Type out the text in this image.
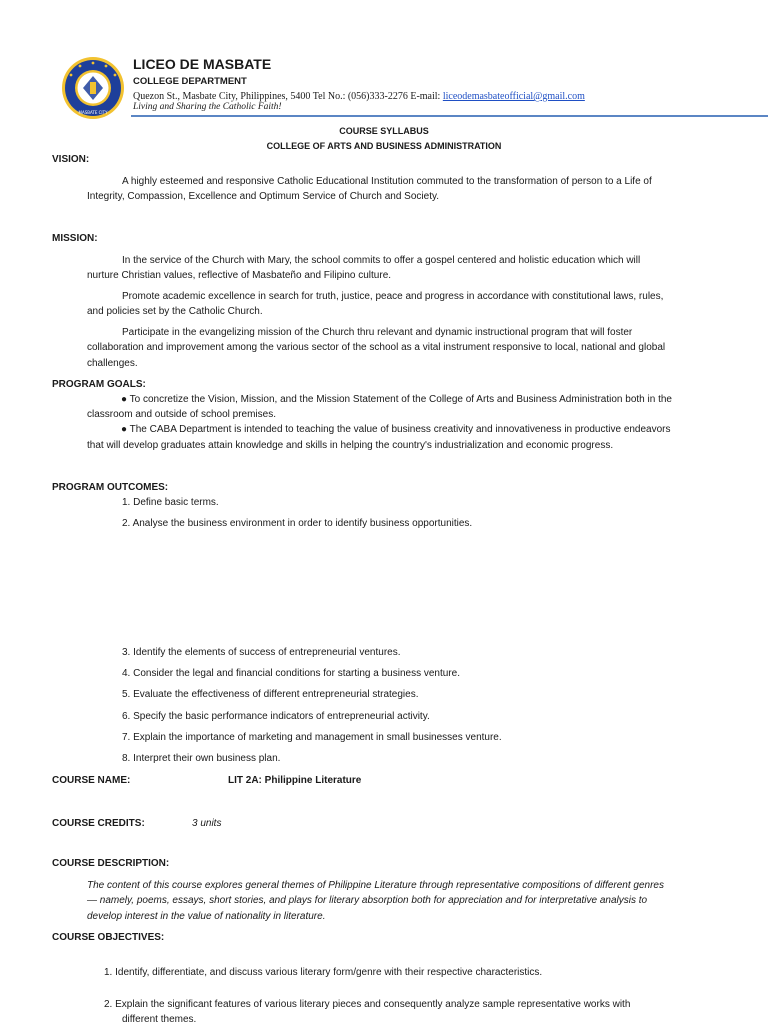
MASBATE CITY
LICEO DE MASBATE
COLLEGE DEPARTMENT
Quezon St., Masbate City, Philippines, 5400 Tel No.: (056)333-2276 E-mail: liceodemasbateofficial@gmail.com
Living and Sharing the Catholic Faith!
COURSE SYLLABUS
COLLEGE OF ARTS AND BUSINESS ADMINISTRATION
VISION:
A highly esteemed and responsive Catholic Educational Institution commuted to the transformation of person to a Life of
Integrity, Compassion, Excellence and Optimum Service of Church and Society.
MISSION:
In the service of the Church with Mary, the school commits to offer a gospel centered and holistic education which will
nurture Christian values, reflective of Masbateño and Filipino culture.
Promote academic excellence in search for truth, justice, peace and progress in accordance with constitutional laws, rules,
and policies set by the Catholic Church.
Participate in the evangelizing mission of the Church thru relevant and dynamic instructional program that will foster
collaboration and improvement among the various sector of the school as a vital instrument responsive to local, national and global
challenges.
PROGRAM GOALS:
● To concretize the Vision, Mission, and the Mission Statement of the College of Arts and Business Administration both in the
classroom and outside of school premises.
● The CABA Department is intended to teaching the value of business creativity and innovativeness in productive endeavors
that will develop graduates attain knowledge and skills in helping the country's industrialization and economic progress.
PROGRAM OUTCOMES:
1. Define basic terms.
2. Analyse the business environment in order to identify business opportunities.
3. Identify the elements of success of entrepreneurial ventures.
4. Consider the legal and financial conditions for starting a business venture.
5. Evaluate the effectiveness of different entrepreneurial strategies.
6. Specify the basic performance indicators of entrepreneurial activity.
7. Explain the importance of marketing and management in small businesses venture.
8. Interpret their own business plan.
COURSE NAME:	LIT 2A: Philippine Literature
COURSE CREDITS:	3 units
COURSE DESCRIPTION:
The content of this course explores general themes of Philippine Literature through representative compositions of different genres
— namely, poems, essays, short stories, and plays for literary absorption both for appreciation and for interpretative analysis to
develop interest in the value of nationality in literature.
COURSE OBJECTIVES:
1. Identify, differentiate, and discuss various literary form/genre with their respective characteristics.
2. Explain the significant features of various literary pieces and consequently analyze sample representative works with
different themes.
